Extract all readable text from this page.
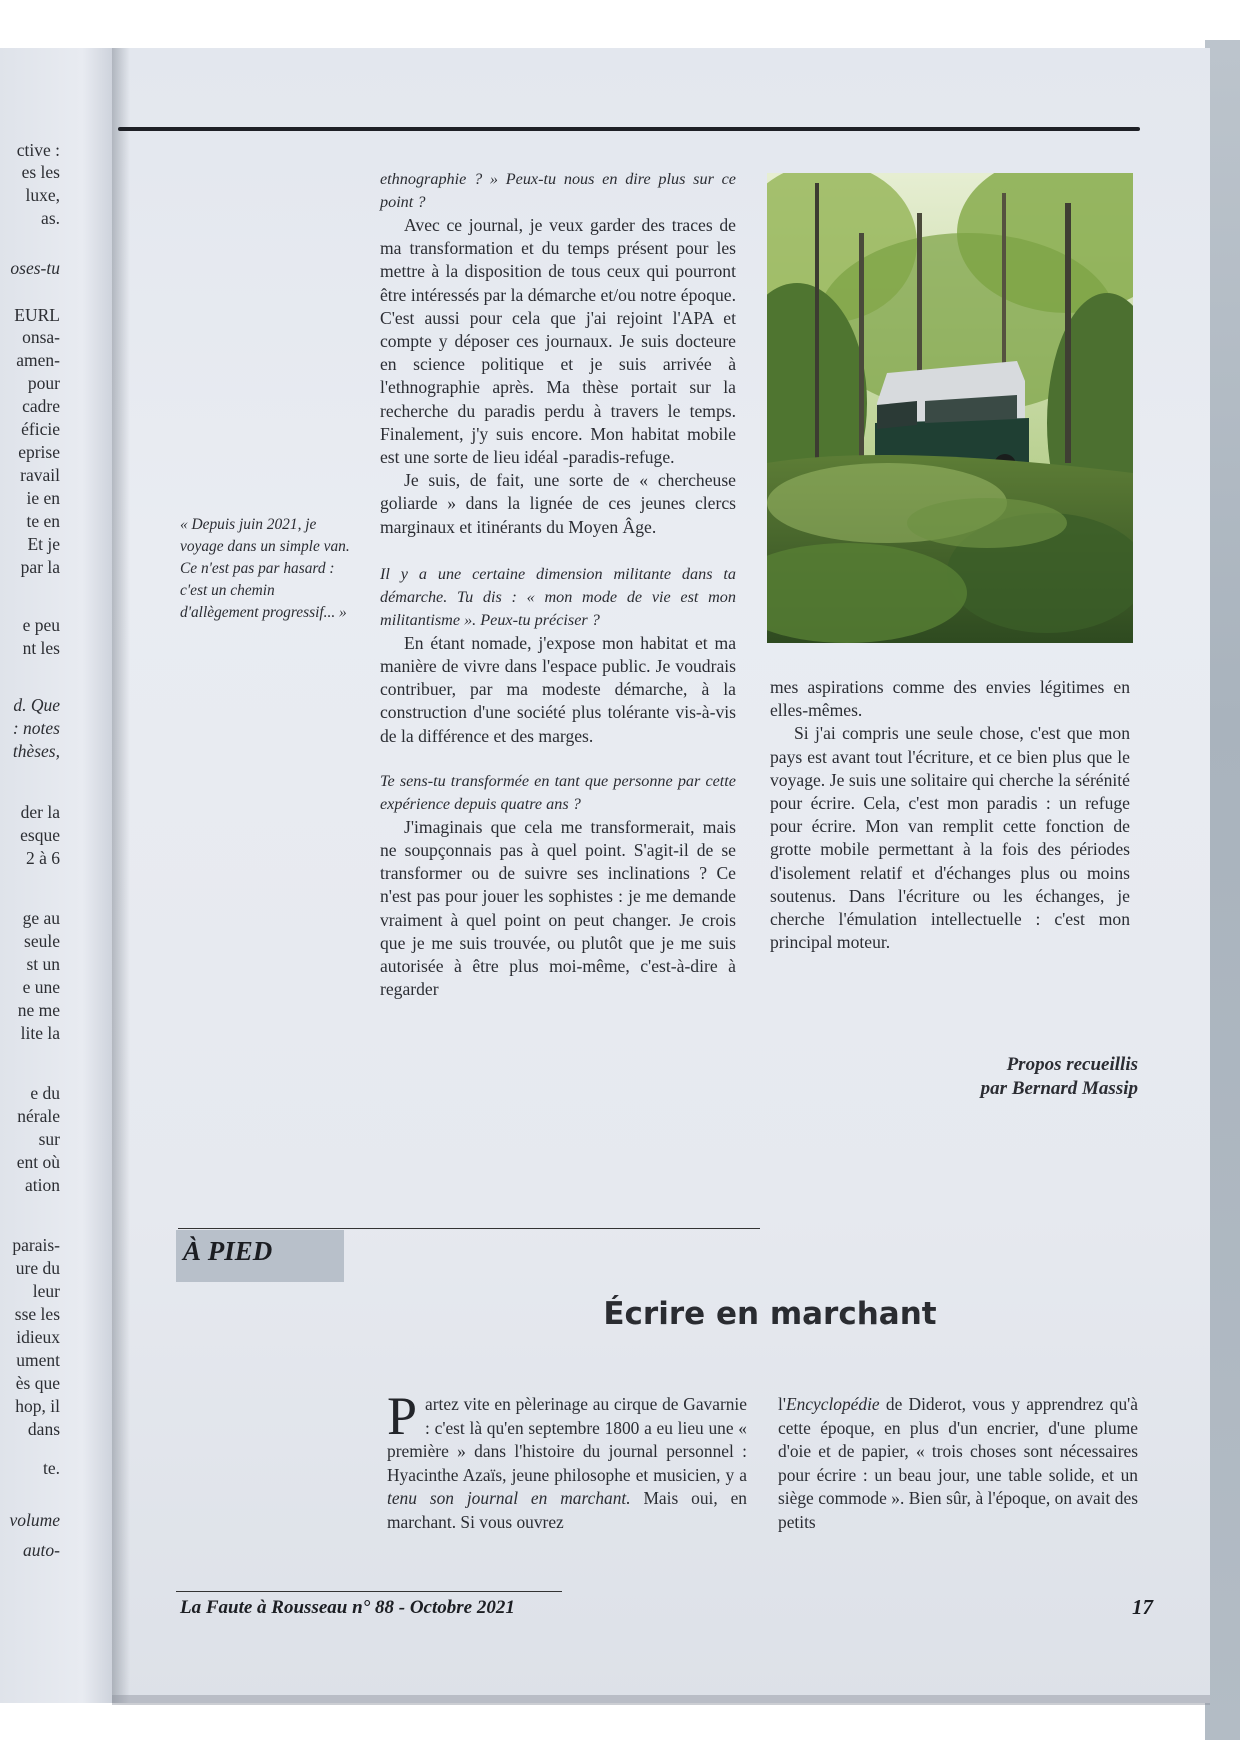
ctive :
es les
luxe,
as.
oses-tu
EURL
onsa-
amen-
pour
cadre
éficie
eprise
ravail
ie en
te en
Et je
par la
e peu
nt les
d. Que
: notes
thèses,
der la
esque
2 à 6
ge au
seule
st un
e une
ne me
lite la
e du
nérale
sur
ent où
ation
parais-
ure du
leur
sse les
idieux
ument
ès que
hop, il
dans
te.
volume
auto-
« Depuis juin 2021, je voyage dans un simple van. Ce n'est pas par hasard : c'est un chemin d'allègement progressif... »

ethnographie ? » Peux-tu nous en dire plus sur ce point ?

Avec ce journal, je veux garder des traces de ma transformation et du temps présent pour les mettre à la disposition de tous ceux qui pourront être intéressés par la démarche et/ou notre époque. C'est aussi pour cela que j'ai rejoint l'APA et compte y déposer ces journaux. Je suis docteure en science politique et je suis arrivée à l'ethnographie après. Ma thèse portait sur la recherche du paradis perdu à travers le temps. Finalement, j'y suis encore. Mon habitat mobile est une sorte de lieu idéal -paradis-refuge.

Je suis, de fait, une sorte de « chercheuse goliarde » dans la lignée de ces jeunes clercs marginaux et itinérants du Moyen Âge.

Il y a une certaine dimension militante dans ta démarche. Tu dis : « mon mode de vie est mon militantisme ». Peux-tu préciser ?

En étant nomade, j'expose mon habitat et ma manière de vivre dans l'espace public. Je voudrais contribuer, par ma modeste démarche, à la construction d'une société plus tolérante vis-à-vis de la différence et des marges.

Te sens-tu transformée en tant que personne par cette expérience depuis quatre ans ?

J'imaginais que cela me transformerait, mais ne soupçonnais pas à quel point. S'agit-il de se transformer ou de suivre ses inclinations ? Ce n'est pas pour jouer les sophistes : je me demande vraiment à quel point on peut changer. Je crois que je me suis trouvée, ou plutôt que je me suis autorisée à être plus moi-même, c'est-à-dire à regarder

mes aspirations comme des envies légitimes en elles-mêmes.

Si j'ai compris une seule chose, c'est que mon pays est avant tout l'écriture, et ce bien plus que le voyage. Je suis une solitaire qui cherche la sérénité pour écrire. Cela, c'est mon paradis : un refuge pour écrire. Mon van remplit cette fonction de grotte mobile permettant à la fois des périodes d'isolement relatif et d'échanges plus ou moins soutenus. Dans l'écriture ou les échanges, je cherche l'émulation intellectuelle : c'est mon principal moteur.

Propos recueillis
par Bernard Massip
À PIED
Écrire en marchant

Partez vite en pèlerinage au cirque de Gavarnie : c'est là qu'en septembre 1800 a eu lieu une « première » dans l'histoire du journal personnel : Hyacinthe Azaïs, jeune philosophe et musicien, y a tenu son journal en marchant. Mais oui, en marchant. Si vous ouvrez

l'Encyclopédie de Diderot, vous y apprendrez qu'à cette époque, en plus d'un encrier, d'une plume d'oie et de papier, « trois choses sont nécessaires pour écrire : un beau jour, une table solide, et un siège commode ». Bien sûr, à l'époque, on avait des petits

La Faute à Rousseau n° 88 - Octobre 2021	17
